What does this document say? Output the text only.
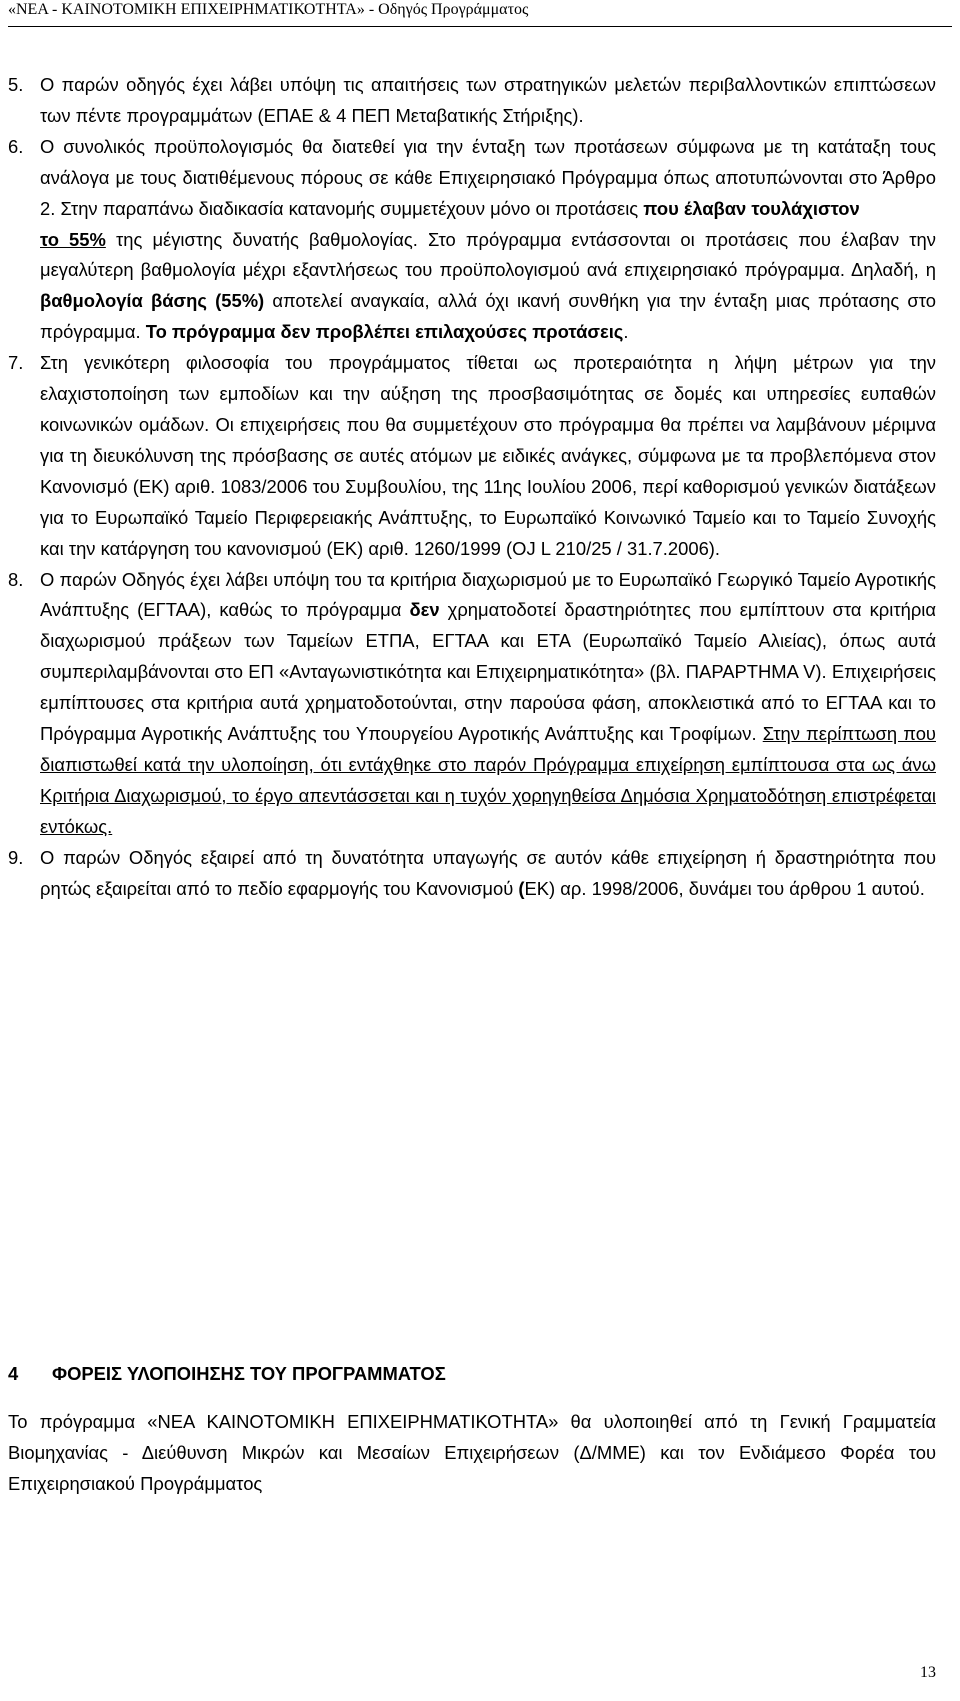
«ΝΕΑ - ΚΑΙΝΟΤΟΜΙΚΗ ΕΠΙΧΕΙΡΗΜΑΤΙΚΟΤΗΤΑ» - Οδηγός Προγράμματος
5. Ο παρών οδηγός έχει λάβει υπόψη τις απαιτήσεις των στρατηγικών μελετών περιβαλλοντικών επιπτώσεων των πέντε προγραμμάτων (ΕΠΑΕ & 4 ΠΕΠ Μεταβατικής Στήριξης).

6. Ο συνολικός προϋπολογισμός θα διατεθεί για την ένταξη των προτάσεων σύμφωνα με τη κατάταξη τους ανάλογα με τους διατιθέμενους πόρους σε κάθε Επιχειρησιακό Πρόγραμμα όπως αποτυπώνονται στο Άρθρο 2. Στην παραπάνω διαδικασία κατανομής συμμετέχουν μόνο οι προτάσεις που έλαβαν τουλάχιστον
το 55% της μέγιστης δυνατής βαθμολογίας. Στο πρόγραμμα εντάσσονται οι προτάσεις που έλαβαν την μεγαλύτερη βαθμολογία μέχρι εξαντλήσεως του προϋπολογισμού ανά επιχειρησιακό πρόγραμμα. Δηλαδή, η βαθμολογία βάσης (55%) αποτελεί αναγκαία, αλλά όχι ικανή συνθήκη για την ένταξη μιας πρότασης στο πρόγραμμα. Το πρόγραμμα δεν προβλέπει επιλαχούσες προτάσεις.

7. Στη γενικότερη φιλοσοφία του προγράμματος τίθεται ως προτεραιότητα η λήψη μέτρων για την ελαχιστοποίηση των εμποδίων και την αύξηση της προσβασιμότητας σε δομές και υπηρεσίες ευπαθών κοινωνικών ομάδων. Οι επιχειρήσεις που θα συμμετέχουν στο πρόγραμμα θα πρέπει να λαμβάνουν μέριμνα για τη διευκόλυνση της πρόσβασης σε αυτές ατόμων με ειδικές ανάγκες, σύμφωνα με τα προβλεπόμενα στον Κανονισμό (ΕΚ) αριθ. 1083/2006 του Συμβουλίου, της 11ης Ιουλίου 2006, περί καθορισμού γενικών διατάξεων για το Ευρωπαϊκό Ταμείο Περιφερειακής Ανάπτυξης, το Ευρωπαϊκό Κοινωνικό Ταμείο και το Ταμείο Συνοχής και την κατάργηση του κανονισμού (ΕΚ) αριθ. 1260/1999 (OJ L 210/25 / 31.7.2006).

8. Ο παρών Οδηγός έχει λάβει υπόψη του τα κριτήρια διαχωρισμού με το Ευρωπαϊκό Γεωργικό Ταμείο Αγροτικής Ανάπτυξης (ΕΓΤΑΑ), καθώς το πρόγραμμα δεν χρηματοδοτεί δραστηριότητες που εμπίπτουν στα κριτήρια διαχωρισμού πράξεων των Ταμείων ΕΤΠΑ, ΕΓΤΑΑ και ΕΤΑ (Ευρωπαϊκό Ταμείο Αλιείας), όπως αυτά συμπεριλαμβάνονται στο ΕΠ «Ανταγωνιστικότητα και Επιχειρηματικότητα» (βλ. ΠΑΡΑΡΤΗΜΑ V). Επιχειρήσεις εμπίπτουσες στα κριτήρια αυτά χρηματοδοτούνται, στην παρούσα φάση, αποκλειστικά από το ΕΓΤΑΑ και το Πρόγραμμα Αγροτικής Ανάπτυξης του Υπουργείου Αγροτικής Ανάπτυξης και Τροφίμων. Στην περίπτωση που διαπιστωθεί κατά την υλοποίηση, ότι εντάχθηκε στο παρόν Πρόγραμμα επιχείρηση εμπίπτουσα στα ως άνω Κριτήρια Διαχωρισμού, το έργο απεντάσσεται και η τυχόν χορηγηθείσα Δημόσια Χρηματοδότηση επιστρέφεται εντόκως.

9. Ο παρών Οδηγός εξαιρεί από τη δυνατότητα υπαγωγής σε αυτόν κάθε επιχείρηση ή δραστηριότητα που ρητώς εξαιρείται από το πεδίο εφαρμογής του Κανονισμού (ΕΚ) αρ. 1998/2006, δυνάμει του άρθρου 1 αυτού.

4 ΦΟΡΕΙΣ ΥΛΟΠΟΙΗΣΗΣ ΤΟΥ ΠΡΟΓΡΑΜΜΑΤΟΣ

Το πρόγραμμα «ΝΕΑ ΚΑΙΝΟΤΟΜΙΚΗ ΕΠΙΧΕΙΡΗΜΑΤΙΚΟΤΗΤΑ» θα υλοποιηθεί από τη Γενική Γραμματεία Βιομηχανίας - Διεύθυνση Μικρών και Μεσαίων Επιχειρήσεων (Δ/ΜΜΕ) και τον Ενδιάμεσο Φορέα του Επιχειρησιακού Προγράμματος

13
